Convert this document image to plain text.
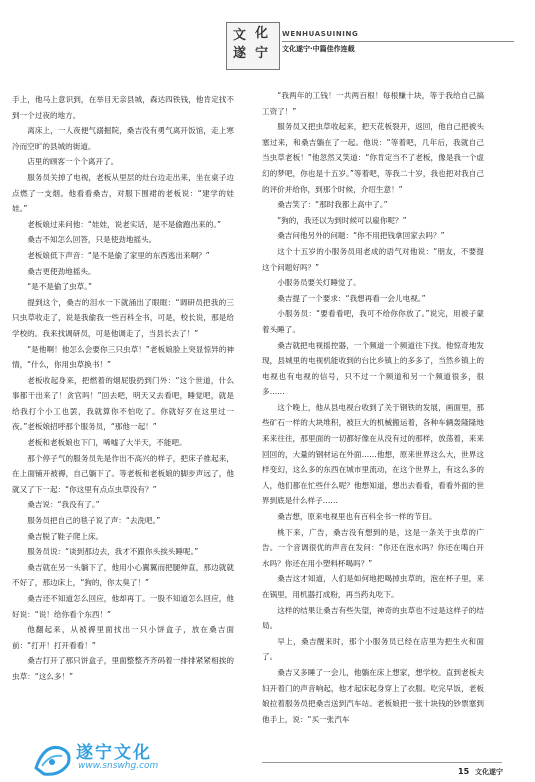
文 化
遂 宁
WENHUASUINING
文化遂宁·中篇佳作连载

手上，他马上意识到，在举目无亲县城，森达四铁钱，他肯定找不到一个过夜的地方。

离床上，一人夜便气溺掘院，桑吉没有勇气离开饭馆，走上寒冷而空旷的县城的街道。

店里的顾客一个个离开了。

服务员关掉了电视，老板从里层的灶台边走出来，坐在桌子边点燃了一支烟。他看看桑吉，对服下围裙的老板说：“建学的娃娃。”

老板娘过来问他：“娃娃，说老实话，是不是偷跑出来的。”

桑吉不知怎么回答，只是使劲地摇头。

老板娘低下声音：“是不是偷了家里的东西逃出来啊？”

桑吉更使劲地摇头。

“是不是偷了虫草。”

提到这个，桑吉的泪水一下就涌出了眼眶：“调研员把我的三只虫草收走了，说是我偷我一些百科全书，可是，校长说，那是给学校的。我来找调研员，可是他调走了，当县长去了！”

“是他啊！他怎么会要你三只虫草！”老板娘脸上突显惊异的神情，“什么，你用虫草换书！”

老板收起身来，把燃着的烟屁股扔到门外：“这个世道，什么事都干出来了！贪官吗！”回去吧，明天又去看吧，睡觉吧，就是给我打个小工也罢，我就算你不怕吃了。你就好歹在这里过一夜。”老板娘招呼那个服务员，“那他一起！”

老板和老板娘也下门，唏嘘了大半天，不能吧。

那个停子气的服务员先是作出不高兴的样子，把床子推起来，在上面铺开被褥，自己躺下了。等老板和老板娘的脚步声远了，他就又了下一起：“你这里有点点虫草没有？”

桑吉说：“我没有了。”

服务员把自己的毯子说了声：“去洗吧。”

桑吉脱了鞋子爬上床。

服务员说：“谈到那边去，我才不跟你头挨头睡呢。”

桑吉就在另一头躺下了，他用小心翼翼而把腿伸直，那边就就不好了，那边床上，“狗的，你太臭了！”

桑吉还不知道怎么回应，他却再丁。一股不知道怎么回应，他好说：“说！给你看个东西！”

他翻起来，从被褥里面找出一只小饼盒子，放在桑吉面前：“打开！打开看看！”

桑吉打开了那只饼盒子，里面整整齐齐码着一排排紧紧相挨的虫草：“这么多！”

“我两年的工钱！一共两百根！每根赚十块，等于我给自己搞工资了！”

服务员又把虫草收起来，把天花板裂开，返回，他自己把被头塞过来，和桑吉躺在了一起。他说：“等着吧，几年后，我就自己当虫草老板！”他忽然又笑道：“你肯定当不了老板，像是我一个虚幻的梦吧，你也是十五岁。”等着吧，等我二十岁，我也把对我自己的评价并给你，到那个时候，介绍生意！”

桑吉笑了：“那时我都上高中了。”

“狗的，我还以为到时候可以雇你呢？”

桑吉问他另外的问题：“你不用把钱拿回家去吗？”

这个十五岁的小服务员用老成的语气对他说：“朋友，不要提这个问题好吗？”

小服务员要关灯睡觉了。

桑吉提了一个要求：“我想再看一会儿电视。”

小服务员：“要看看吧，我可不给你你放了。”说完，用被子蒙着头睡了。

桑吉就把电视摇控器，一个频道一个频道往下找。他惊奇地发现，县城里的电视机能收到的台比乡镇上的多多了，当然乡镇上的电视也有电视的信号，只不过一个频道和另一个频道很多，很多……

这个晚上，他从县电视台收到了关于钢铁的发展，画面里，那些矿石一样的大块堆积，被巨大的机械搬运着，各种车辆轰隆隆地来来往往，那里面的一切都好像在从没有过的那样，放荡着，来来回回的，大量的钢材运在外面……他想，原来世界这么大，世界这样变幻，这么多的东西在城市里流动，在这个世界上，有这么多的人，他们都在忙些什么呢？他想知道，想出去看看，看看外面的世界到底是什么样子……

桑吉想，原来电视里也有百科全书一样的节目。

桃下来，广告，桑吉没有想到的是，这是一条关于虫草的广告。一个音调很优的声音在发问：“你还在泡水吗？你还在喝白开水吗？你还在用小塑料杯喝吗？”

桑吉这才知道，人们是如何地把喝掉虫草的，泡在杯子里，来在锅里，用机器打成粉，再当药丸吃下。

这样的结果让桑吉有些失望，神奇的虫草也不过是这样子的结局。

早上，桑吉醒来时，那个小服务员已经在店里为把生火和面了。

桑吉又多睡了一会儿，他躺在床上想家，想学校。直到老板夫妇开着门的声音响起，他才起床起身穿上了衣服。吃完早饭，老板娘拉着服务员把桑吉送到汽车站。老板娘把一张十块钱的钞票塞到他手上，说：“买一张汽车

遂宁文化
www.snswhg.com
15 文化遂宁
